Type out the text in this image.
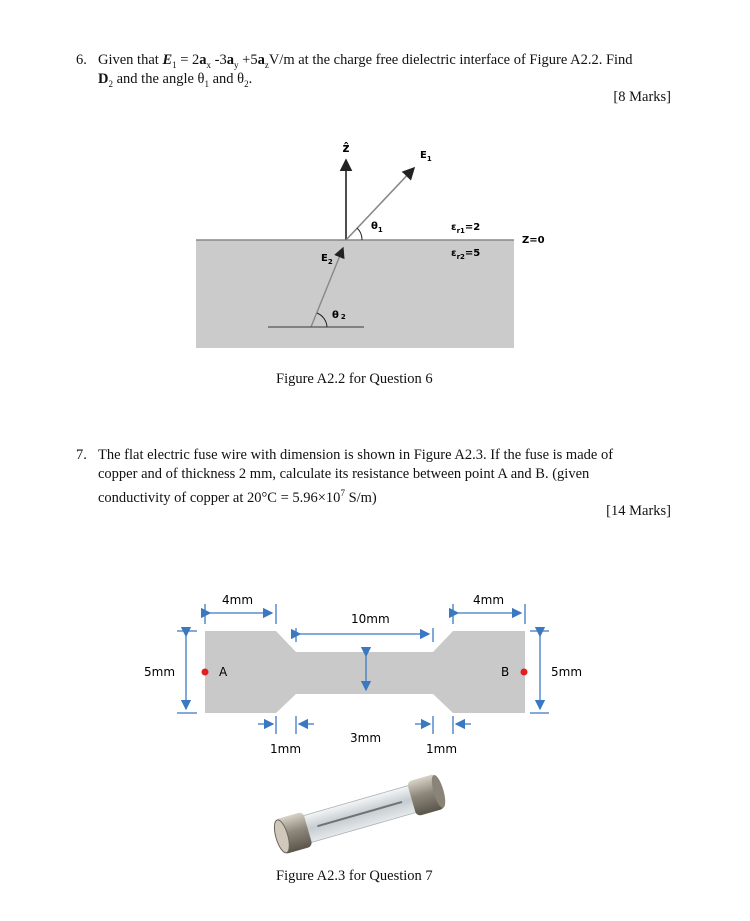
6. Given that $E_1 = 2a_x$ $-3a_y +5a_zV/m$ at the charge free dielectric interface of Figure A2.2. Find
$D_2$ and the angle $\theta_1$ and $\theta_2$.
[8 Marks]
ẑ
$E_1$
$\theta_1$	$\varepsilon_{r1}=2$
Z=0
$\varepsilon_{r2}=5$
$E_2$
θ 2
Figure A2.2 for Question 6
7. The flat electric fuse wire with dimension is shown in Figure A2.3. If the fuse is made of
copper and of thickness 2 mm, calculate its resistance between point A and B. (given
conductivity of copper at $20^\circ C = 5.96\times 10^7$ S/m)
[14 Marks]
4mm	4mm
10mm
5mm	5mm
A	B
3mm
1mm	1mm
Figure A2.3 for Question 7
